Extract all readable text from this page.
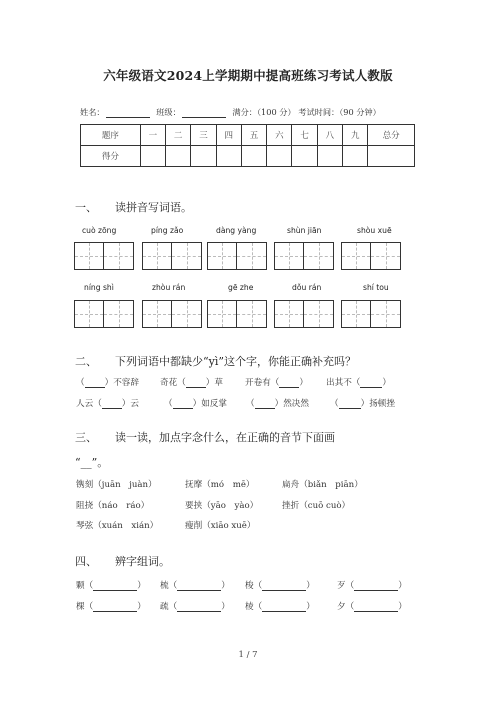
六年级语文2024上学期期中提高班练习考试人教版
姓名：	班级：	满分：（100 分） 考试时间：（90 分钟）
题序	一	二	三	四	五	六	七	八	九	总分
得分										
一、 读拼音写词语。
cuò zōng	píng zǎo	dàng yàng	shùn jiān	shòu xuē
níng shì	zhòu rán	gē zhe	dǒu rán	shí tou
二、 下列词语中都缺少“yì”这个字，你能正确补充吗？
（ ）不容辞 奇花（ ）草	开卷有（ ） 出其不（	）
人云（ ）云	（ ）如反掌 （ ）然决然 （	）扬顿挫
三、 读一读，加点字念什么，在正确的音节下面画
“__”。
镌刻（juān　juàn）	抚摩（mó　mē）	扁舟（biǎn　piān）
阻挠（náo　ráo）	要挟（yāo　yào）	挫折（cuō cuò）
琴弦（xuán　xián）	瘦削（xiāo xuē）
四、 辨字组词。
颗（	） 梳（	） 梭（	）	歹（	）
棵（	） 疏（	） 棱（	）	夕（	）
1 / 7
